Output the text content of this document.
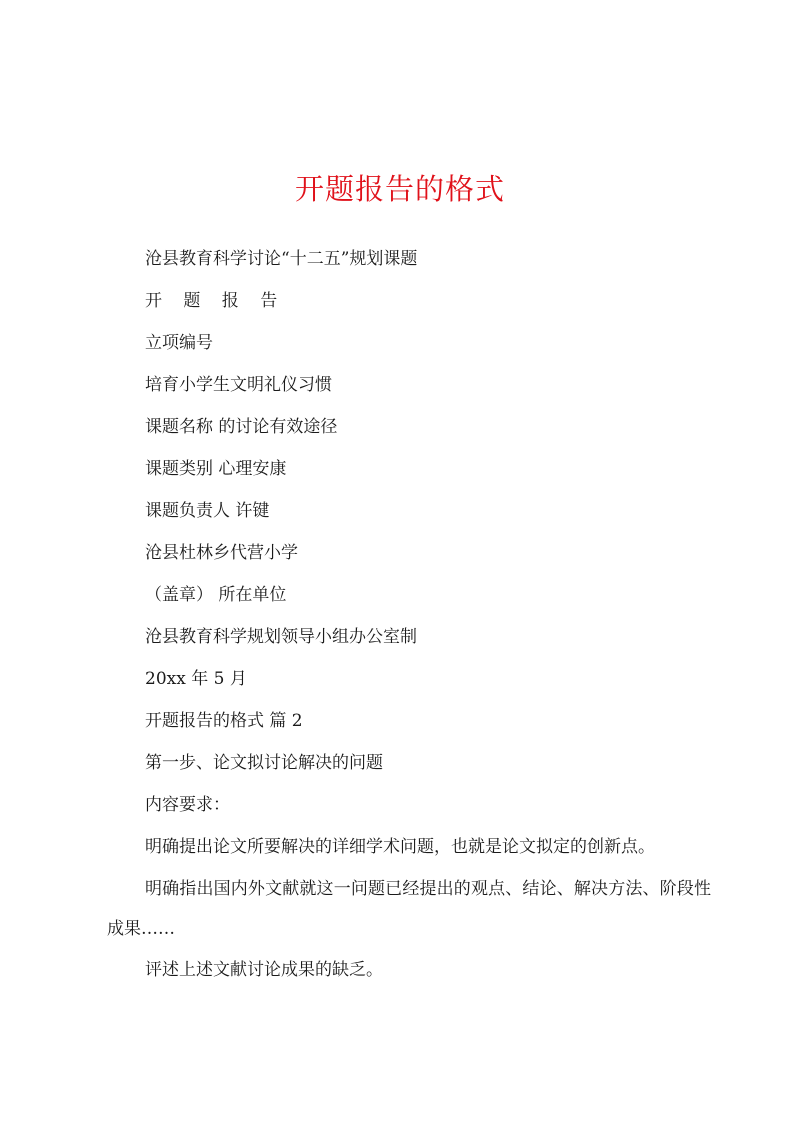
开题报告的格式
沧县教育科学讨论“十二五”规划课题
开 题 报 告
立项编号
培育小学生文明礼仪习惯
课题名称 的讨论有效途径
课题类别 心理安康
课题负责人 许键
沧县杜林乡代营小学
（盖章） 所在单位
沧县教育科学规划领导小组办公室制
20xx 年 5 月
开题报告的格式 篇 2
第一步、论文拟讨论解决的问题
内容要求：
明确提出论文所要解决的详细学术问题，也就是论文拟定的创新点。
明确指出国内外文献就这一问题已经提出的观点、结论、解决方法、阶段性成果……
评述上述文献讨论成果的缺乏。
